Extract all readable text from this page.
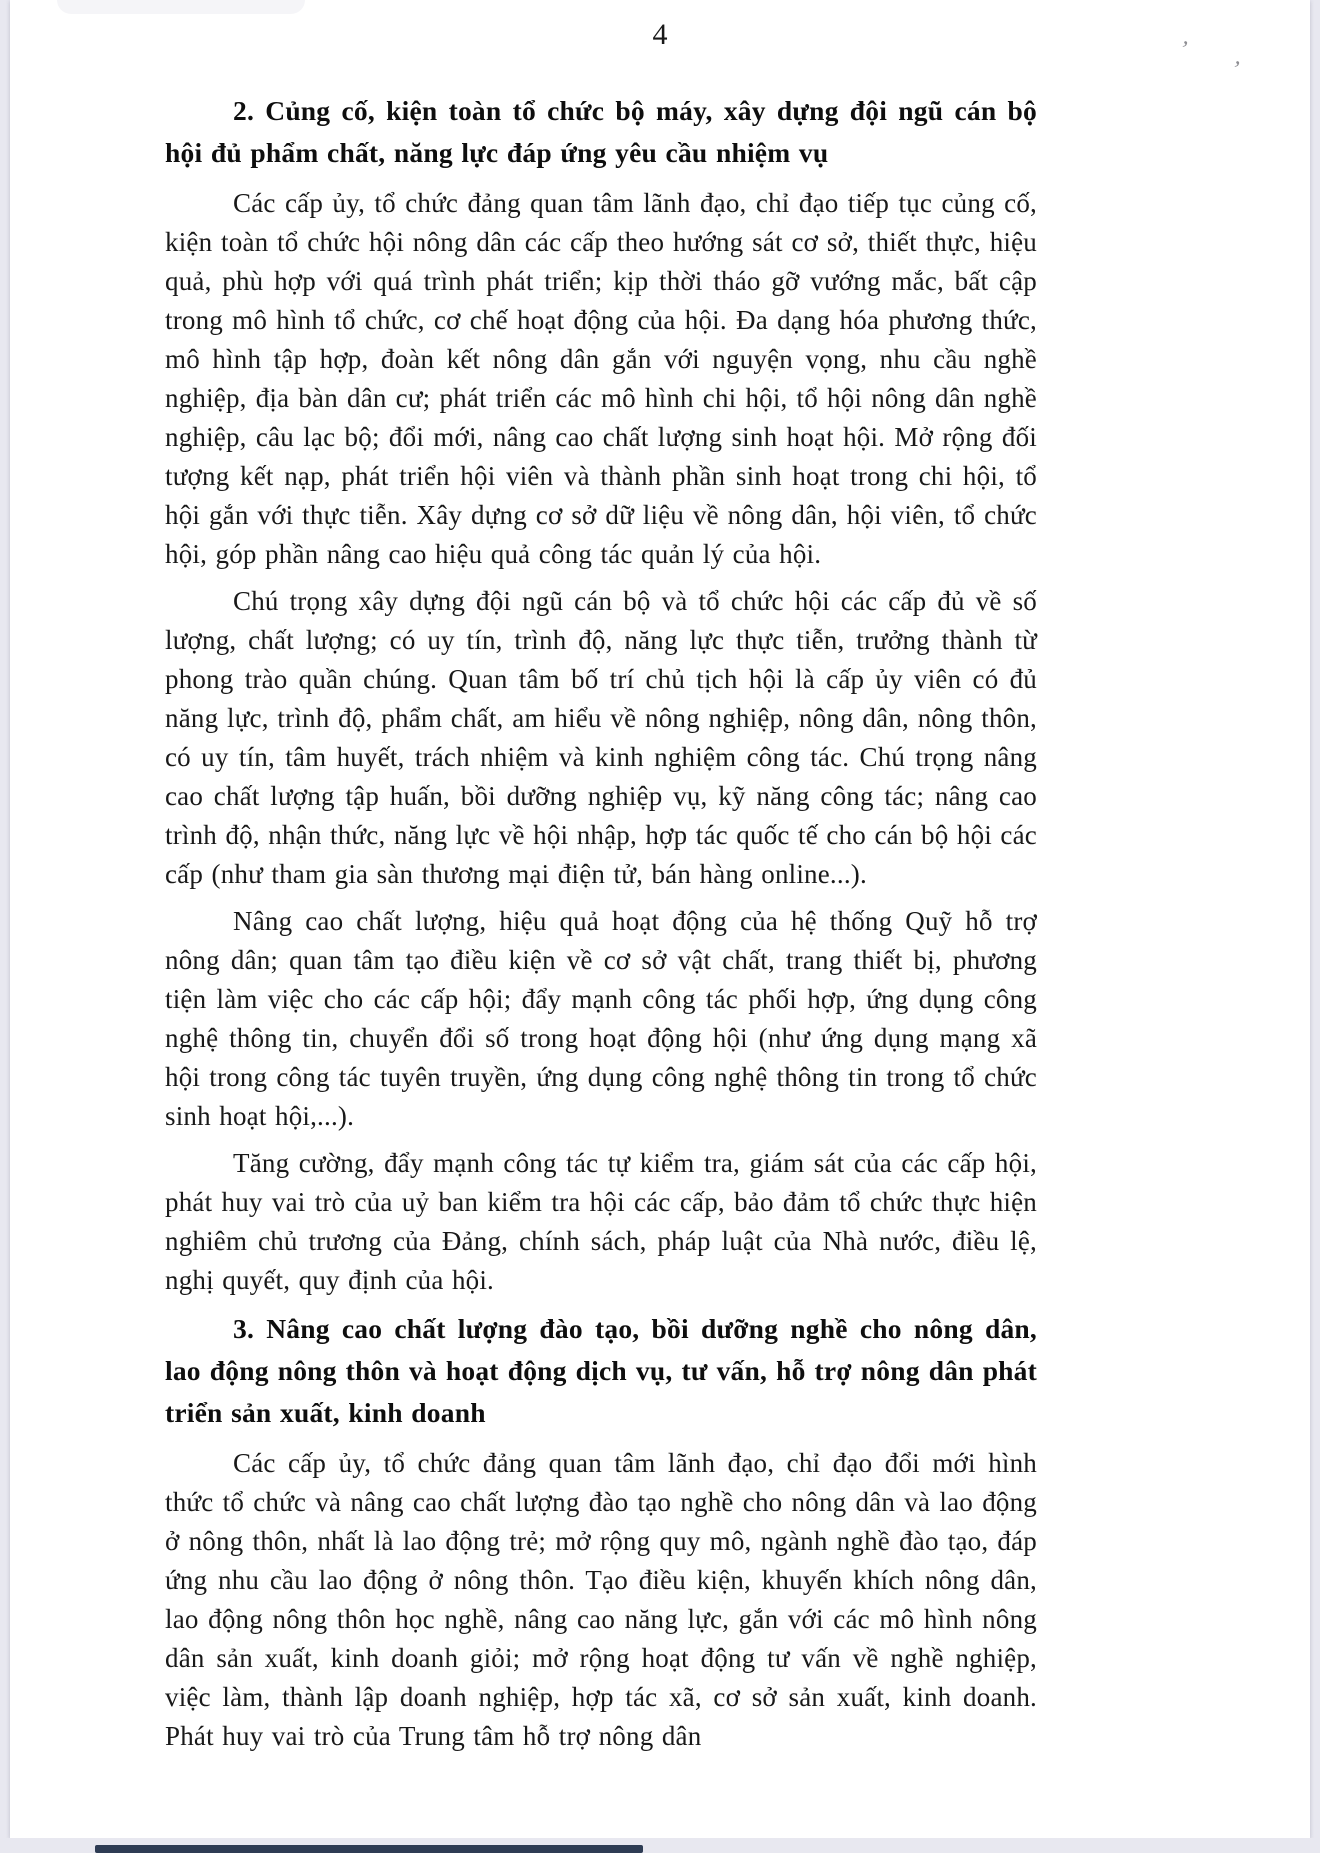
’
’
4

2. Củng cố, kiện toàn tổ chức bộ máy, xây dựng đội ngũ cán bộ hội đủ phẩm chất, năng lực đáp ứng yêu cầu nhiệm vụ

Các cấp ủy, tổ chức đảng quan tâm lãnh đạo, chỉ đạo tiếp tục củng cố, kiện toàn tổ chức hội nông dân các cấp theo hướng sát cơ sở, thiết thực, hiệu quả, phù hợp với quá trình phát triển; kịp thời tháo gỡ vướng mắc, bất cập trong mô hình tổ chức, cơ chế hoạt động của hội. Đa dạng hóa phương thức, mô hình tập hợp, đoàn kết nông dân gắn với nguyện vọng, nhu cầu nghề nghiệp, địa bàn dân cư; phát triển các mô hình chi hội, tổ hội nông dân nghề nghiệp, câu lạc bộ; đổi mới, nâng cao chất lượng sinh hoạt hội. Mở rộng đối tượng kết nạp, phát triển hội viên và thành phần sinh hoạt trong chi hội, tổ hội gắn với thực tiễn. Xây dựng cơ sở dữ liệu về nông dân, hội viên, tổ chức hội, góp phần nâng cao hiệu quả công tác quản lý của hội.

Chú trọng xây dựng đội ngũ cán bộ và tổ chức hội các cấp đủ về số lượng, chất lượng; có uy tín, trình độ, năng lực thực tiễn, trưởng thành từ phong trào quần chúng. Quan tâm bố trí chủ tịch hội là cấp ủy viên có đủ năng lực, trình độ, phẩm chất, am hiểu về nông nghiệp, nông dân, nông thôn, có uy tín, tâm huyết, trách nhiệm và kinh nghiệm công tác. Chú trọng nâng cao chất lượng tập huấn, bồi dưỡng nghiệp vụ, kỹ năng công tác; nâng cao trình độ, nhận thức, năng lực về hội nhập, hợp tác quốc tế cho cán bộ hội các cấp (như tham gia sàn thương mại điện tử, bán hàng online...).

Nâng cao chất lượng, hiệu quả hoạt động của hệ thống Quỹ hỗ trợ nông dân; quan tâm tạo điều kiện về cơ sở vật chất, trang thiết bị, phương tiện làm việc cho các cấp hội; đẩy mạnh công tác phối hợp, ứng dụng công nghệ thông tin, chuyển đổi số trong hoạt động hội (như ứng dụng mạng xã hội trong công tác tuyên truyền, ứng dụng công nghệ thông tin trong tổ chức sinh hoạt hội,...).

Tăng cường, đẩy mạnh công tác tự kiểm tra, giám sát của các cấp hội, phát huy vai trò của uỷ ban kiểm tra hội các cấp, bảo đảm tổ chức thực hiện nghiêm chủ trương của Đảng, chính sách, pháp luật của Nhà nước, điều lệ, nghị quyết, quy định của hội.

3. Nâng cao chất lượng đào tạo, bồi dưỡng nghề cho nông dân, lao động nông thôn và hoạt động dịch vụ, tư vấn, hỗ trợ nông dân phát triển sản xuất, kinh doanh

Các cấp ủy, tổ chức đảng quan tâm lãnh đạo, chỉ đạo đổi mới hình thức tổ chức và nâng cao chất lượng đào tạo nghề cho nông dân và lao động ở nông thôn, nhất là lao động trẻ; mở rộng quy mô, ngành nghề đào tạo, đáp ứng nhu cầu lao động ở nông thôn. Tạo điều kiện, khuyến khích nông dân, lao động nông thôn học nghề, nâng cao năng lực, gắn với các mô hình nông dân sản xuất, kinh doanh giỏi; mở rộng hoạt động tư vấn về nghề nghiệp, việc làm, thành lập doanh nghiệp, hợp tác xã, cơ sở sản xuất, kinh doanh. Phát huy vai trò của Trung tâm hỗ trợ nông dân
